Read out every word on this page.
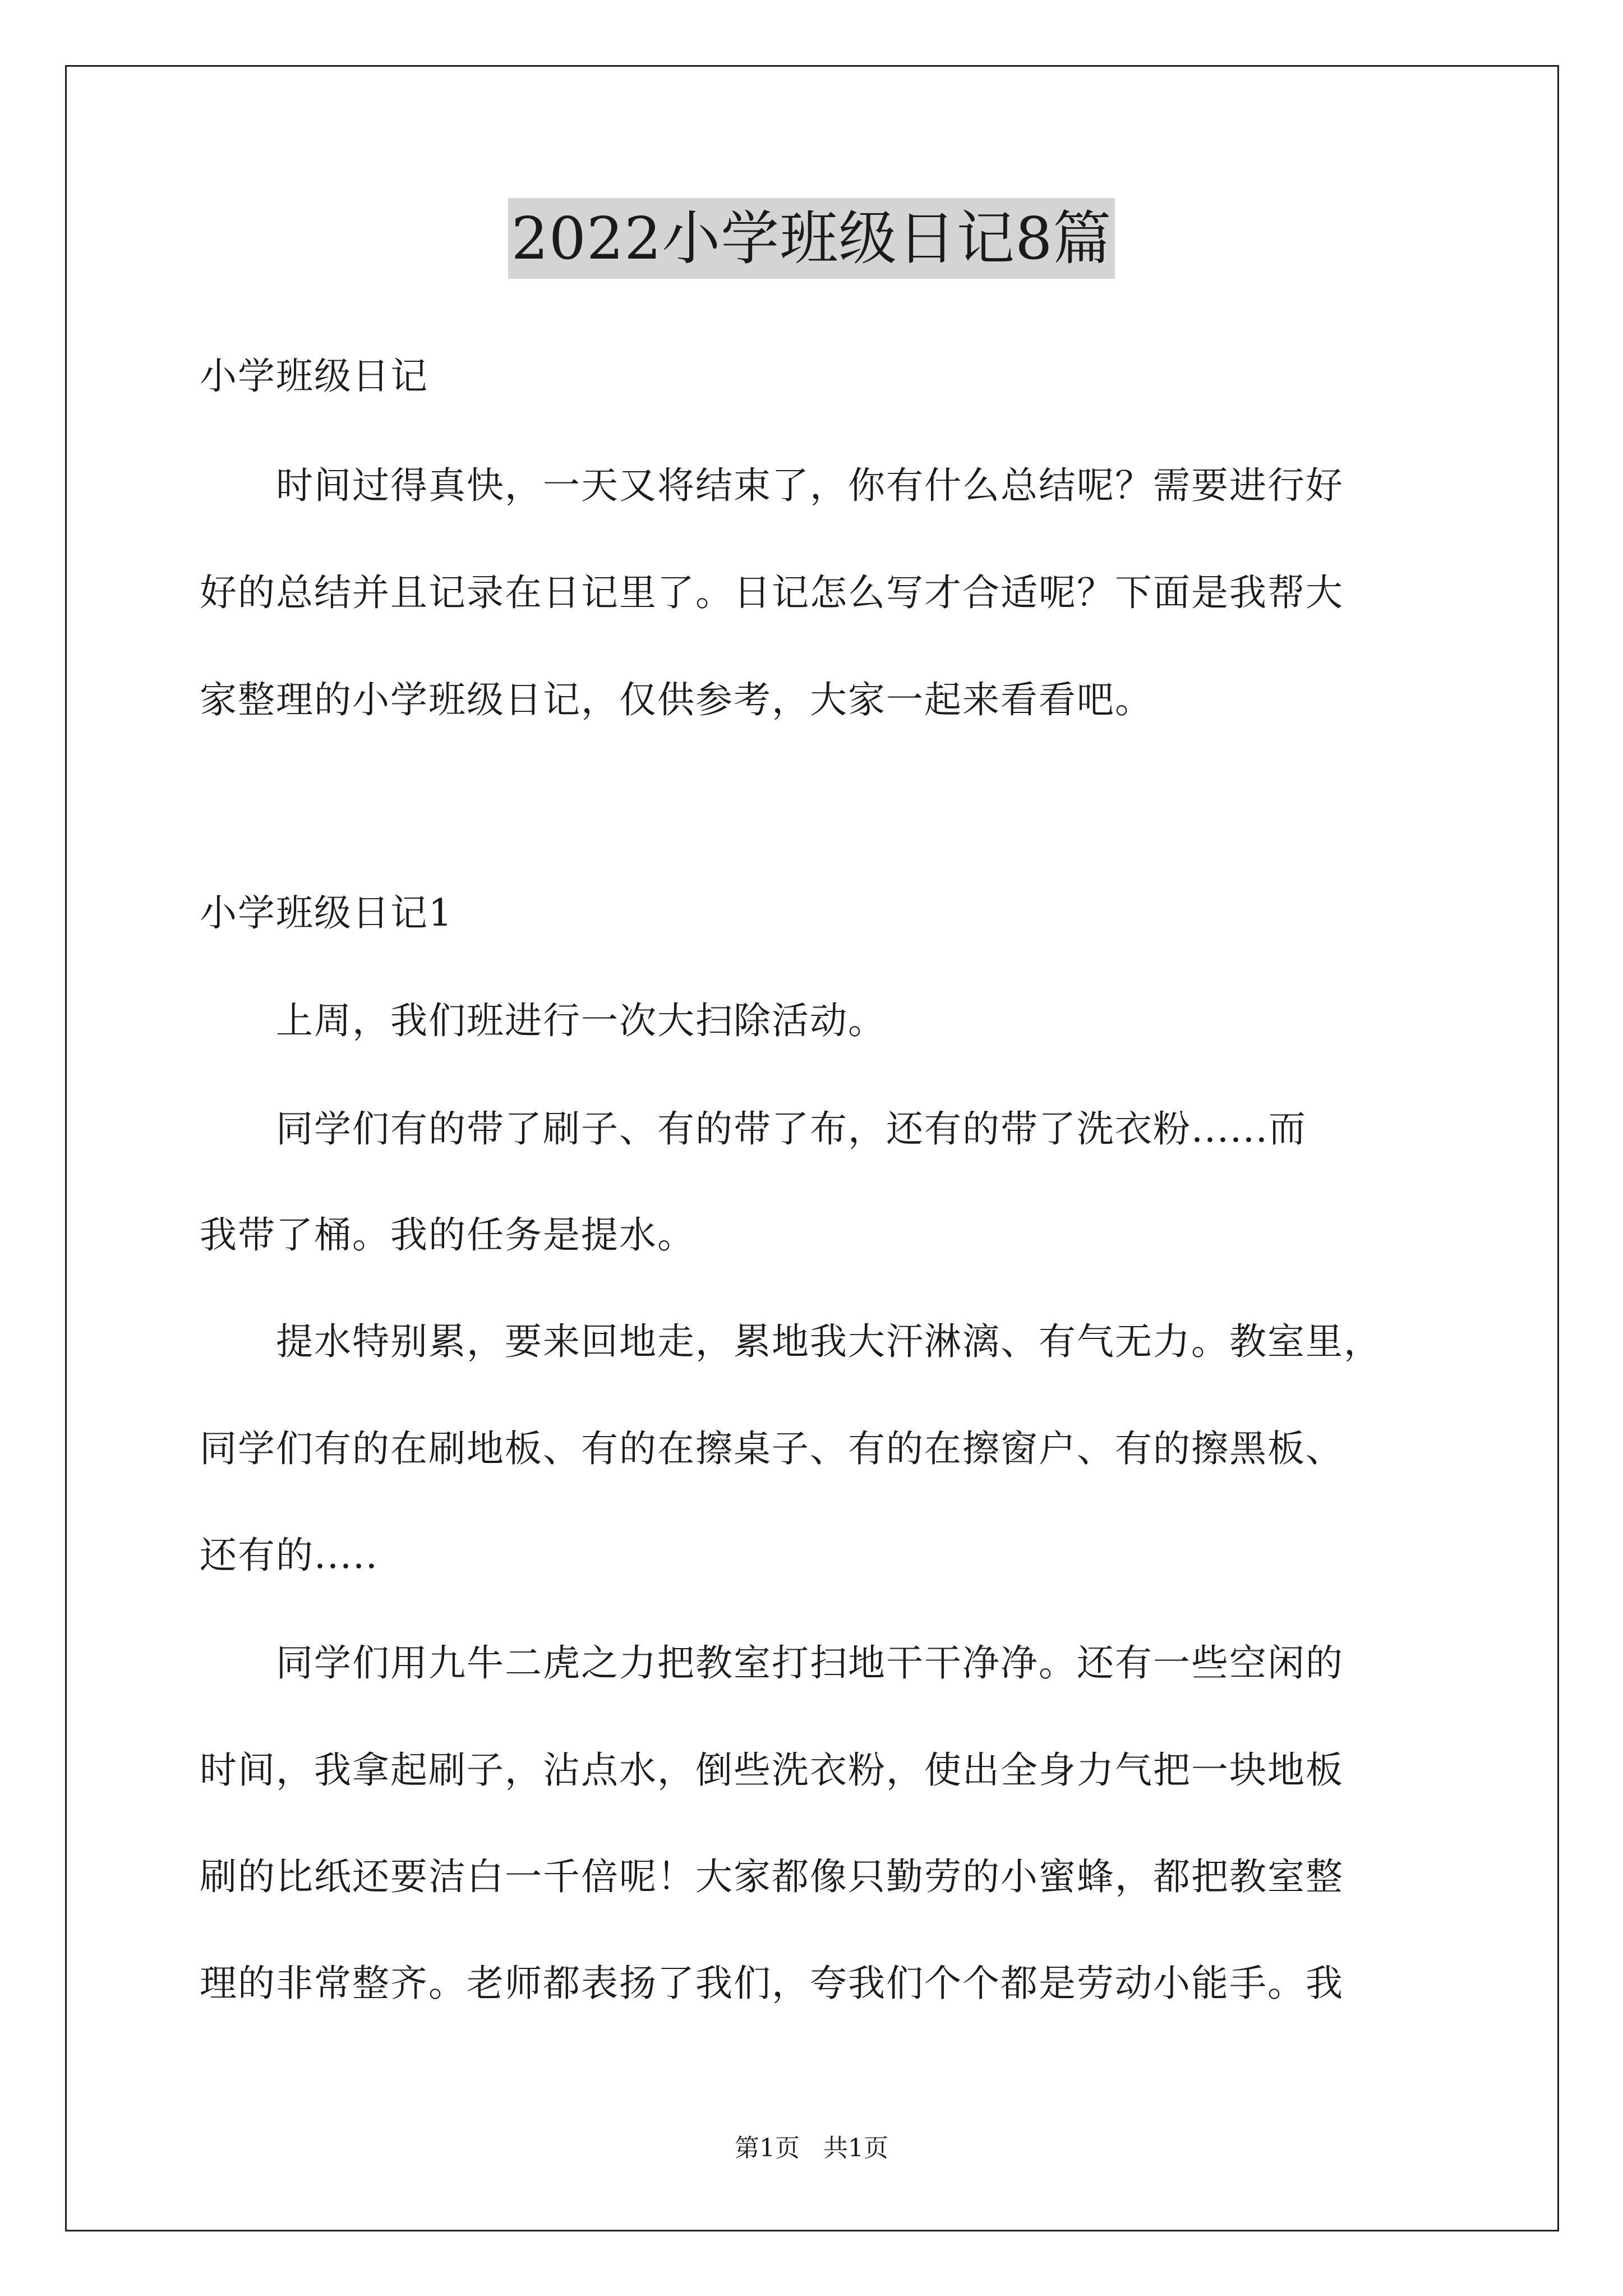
2022小学班级日记8篇

小学班级日记

　　时间过得真快，一天又将结束了，你有什么总结呢？需要进行好

好的总结并且记录在日记里了。日记怎么写才合适呢？下面是我帮大

家整理的小学班级日记，仅供参考，大家一起来看看吧。

小学班级日记1

　　上周，我们班进行一次大扫除活动。

　　同学们有的带了刷子、有的带了布，还有的带了洗衣粉......而

我带了桶。我的任务是提水。

　　提水特别累，要来回地走，累地我大汗淋漓、有气无力。教室里，

同学们有的在刷地板、有的在擦桌子、有的在擦窗户、有的擦黑板、

还有的.....

　　同学们用九牛二虎之力把教室打扫地干干净净。还有一些空闲的

时间，我拿起刷子，沾点水，倒些洗衣粉，使出全身力气把一块地板

刷的比纸还要洁白一千倍呢！大家都像只勤劳的小蜜蜂，都把教室整

理的非常整齐。老师都表扬了我们，夸我们个个都是劳动小能手。我

第1页 共1页
